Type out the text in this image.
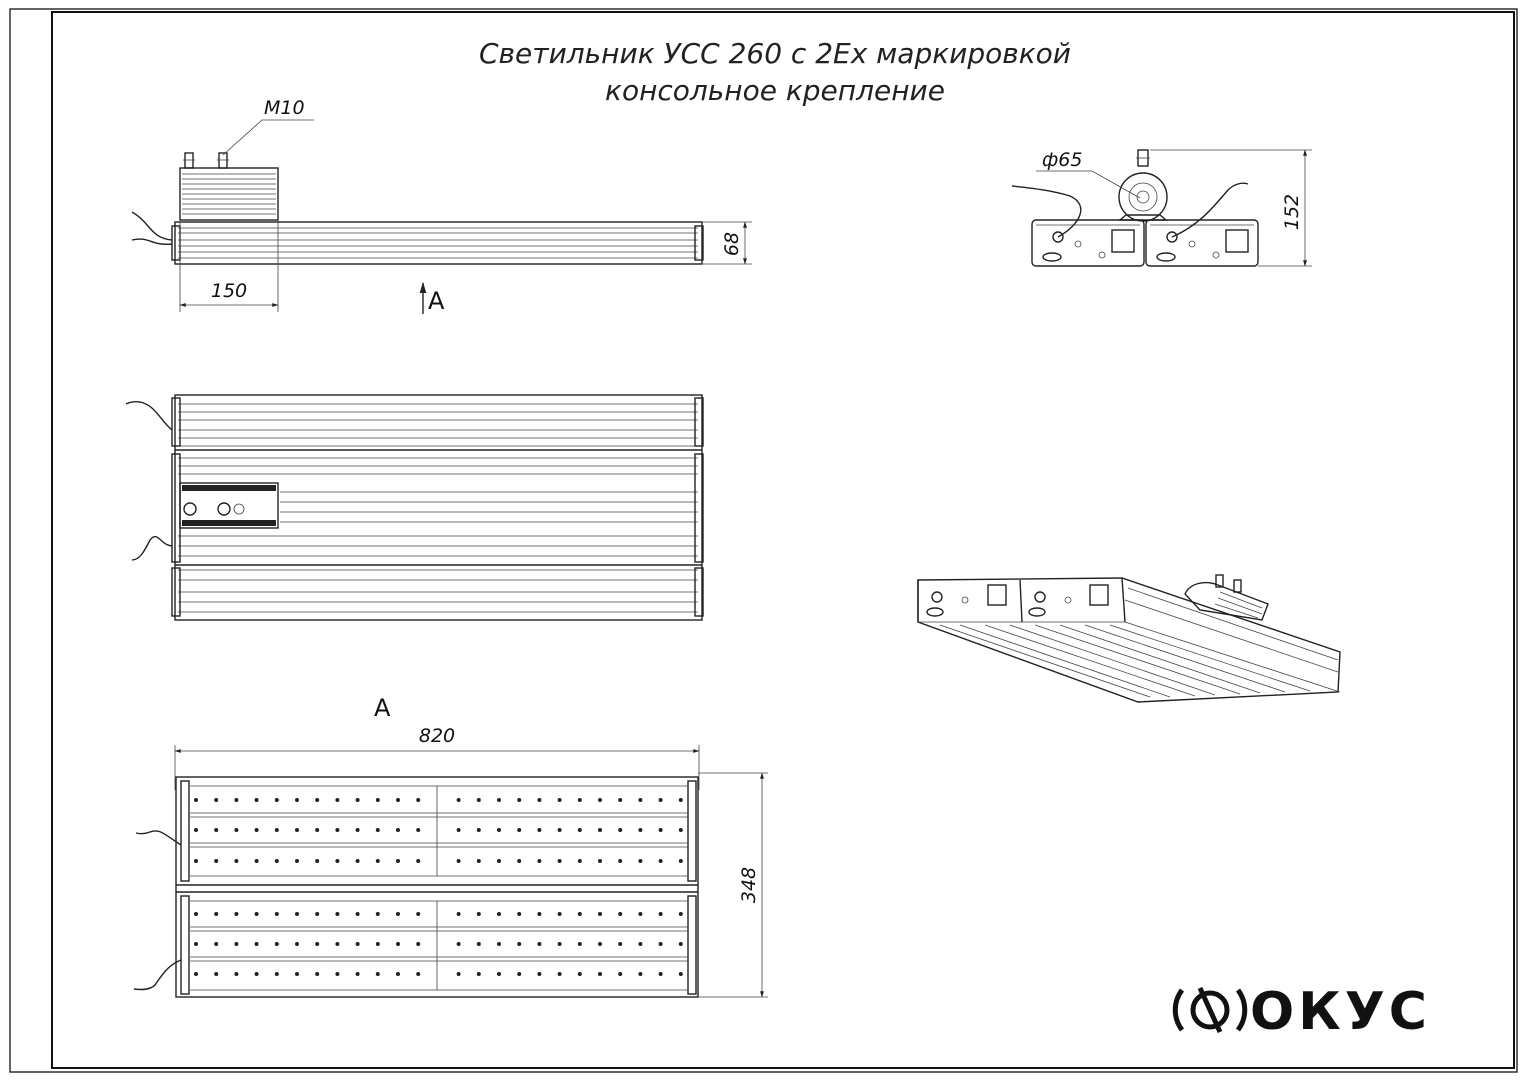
Светильник УСС 260 с 2Ex маркировкой
консольное крепление
М10
150
68
А
ф65
152
А
820
348
ОКУС
